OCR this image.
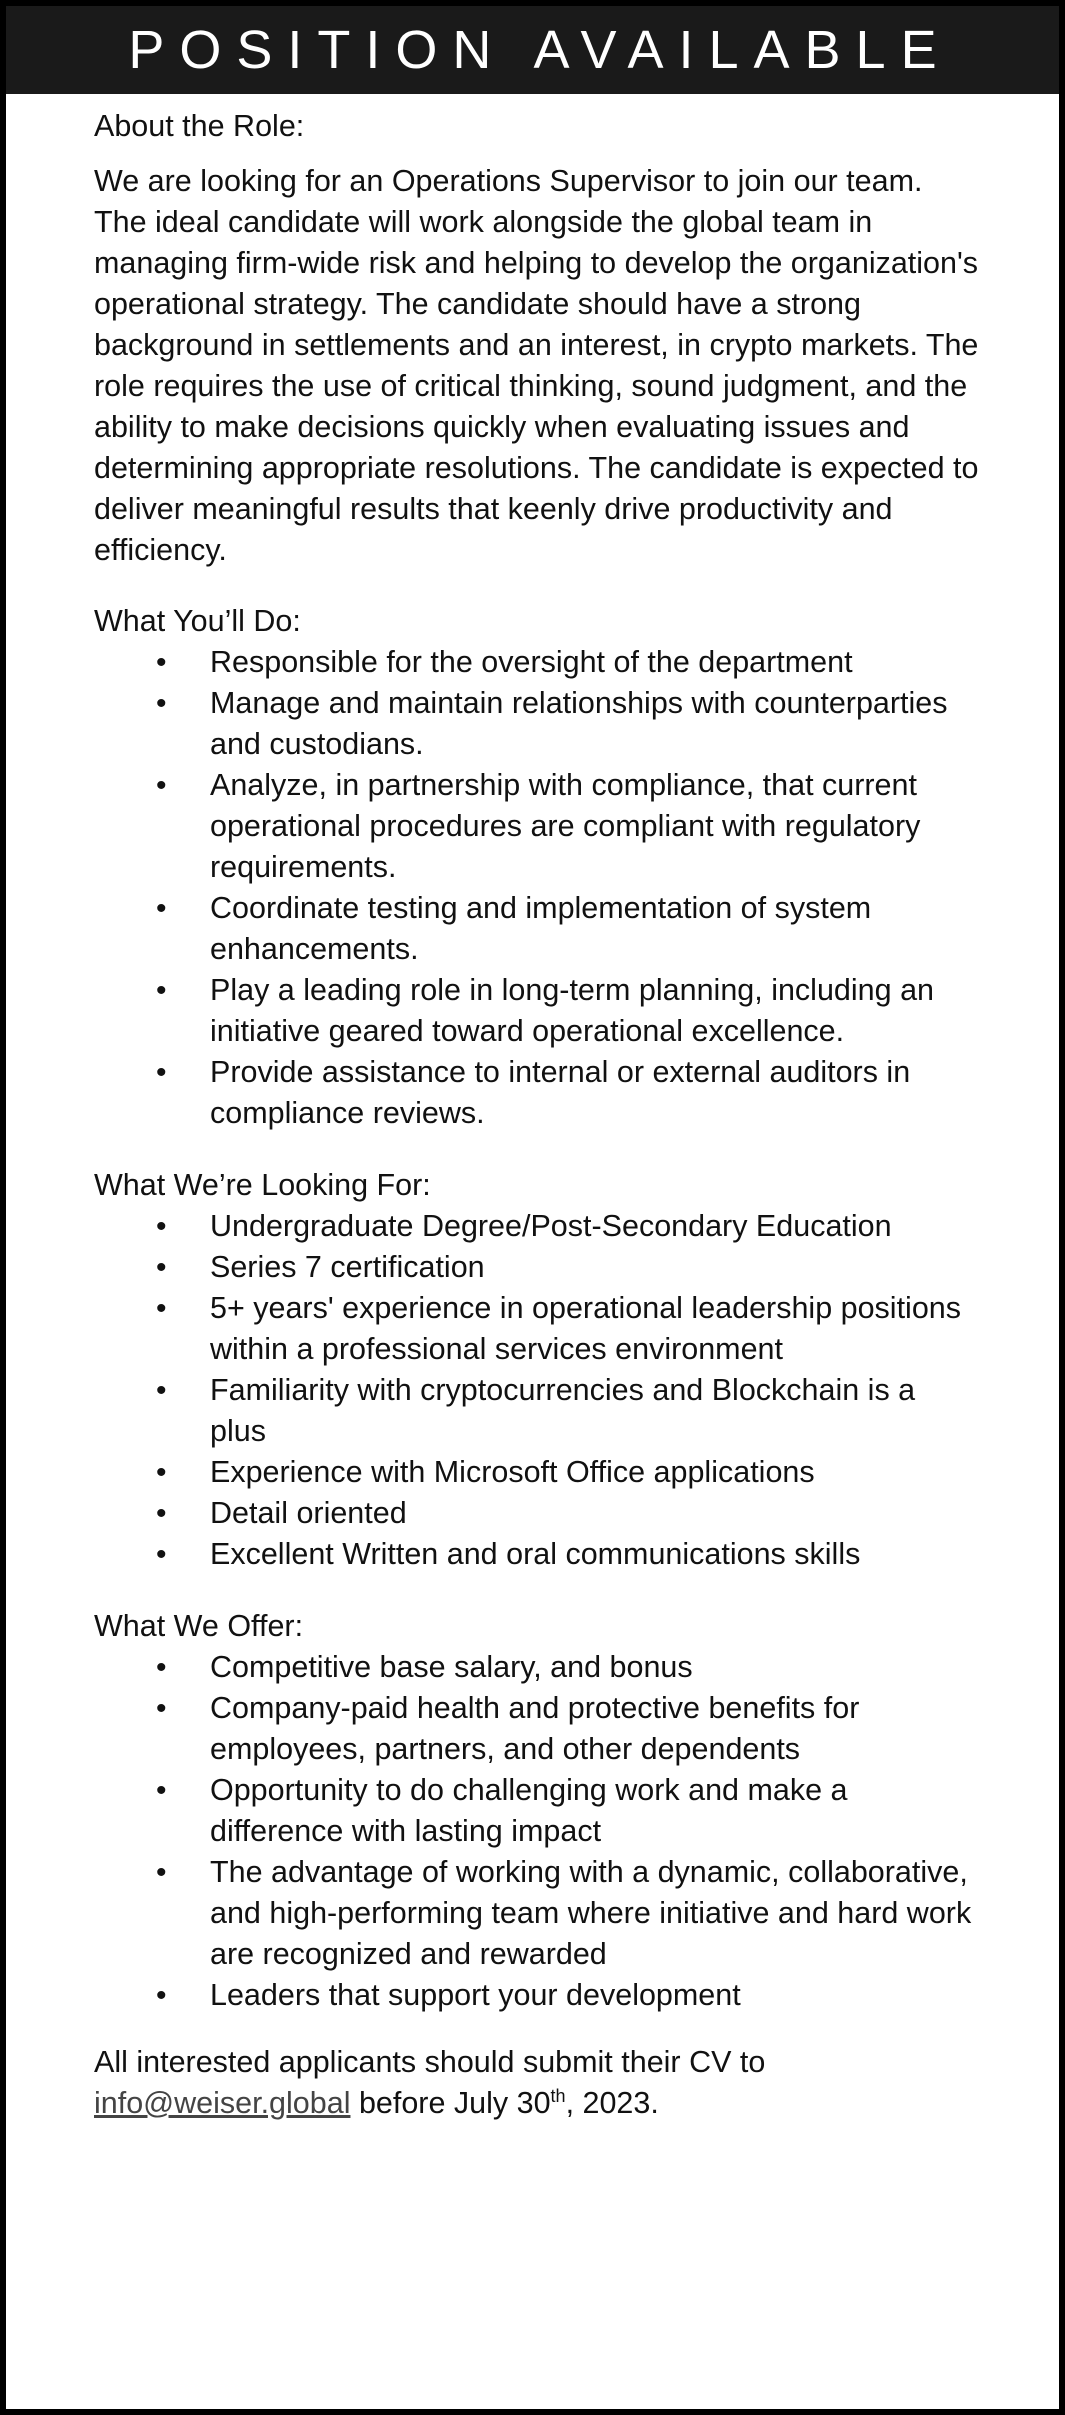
POSITION AVAILABLE

About the Role:

We are looking for an Operations Supervisor to join our team. The ideal candidate will work alongside the global team in managing firm-wide risk and helping to develop the organization's operational strategy. The candidate should have a strong background in settlements and an interest, in crypto markets. The role requires the use of critical thinking, sound judgment, and the ability to make decisions quickly when evaluating issues and determining appropriate resolutions. The candidate is expected to deliver meaningful results that keenly drive productivity and efficiency.

What You’ll Do:

• Responsible for the oversight of the department
• Manage and maintain relationships with counterparties and custodians.
• Analyze, in partnership with compliance, that current operational procedures are compliant with regulatory requirements.
• Coordinate testing and implementation of system enhancements.
• Play a leading role in long-term planning, including an initiative geared toward operational excellence.
• Provide assistance to internal or external auditors in compliance reviews.

What We’re Looking For:

• Undergraduate Degree/Post-Secondary Education
• Series 7 certification
• 5+ years' experience in operational leadership positions within a professional services environment
• Familiarity with cryptocurrencies and Blockchain is a plus
• Experience with Microsoft Office applications
• Detail oriented
• Excellent Written and oral communications skills

What We Offer:

• Competitive base salary, and bonus
• Company-paid health and protective benefits for employees, partners, and other dependents
• Opportunity to do challenging work and make a difference with lasting impact
• The advantage of working with a dynamic, collaborative, and high-performing team where initiative and hard work are recognized and rewarded
• Leaders that support your development

All interested applicants should submit their CV to
info@weiser.global before July 30th, 2023.
